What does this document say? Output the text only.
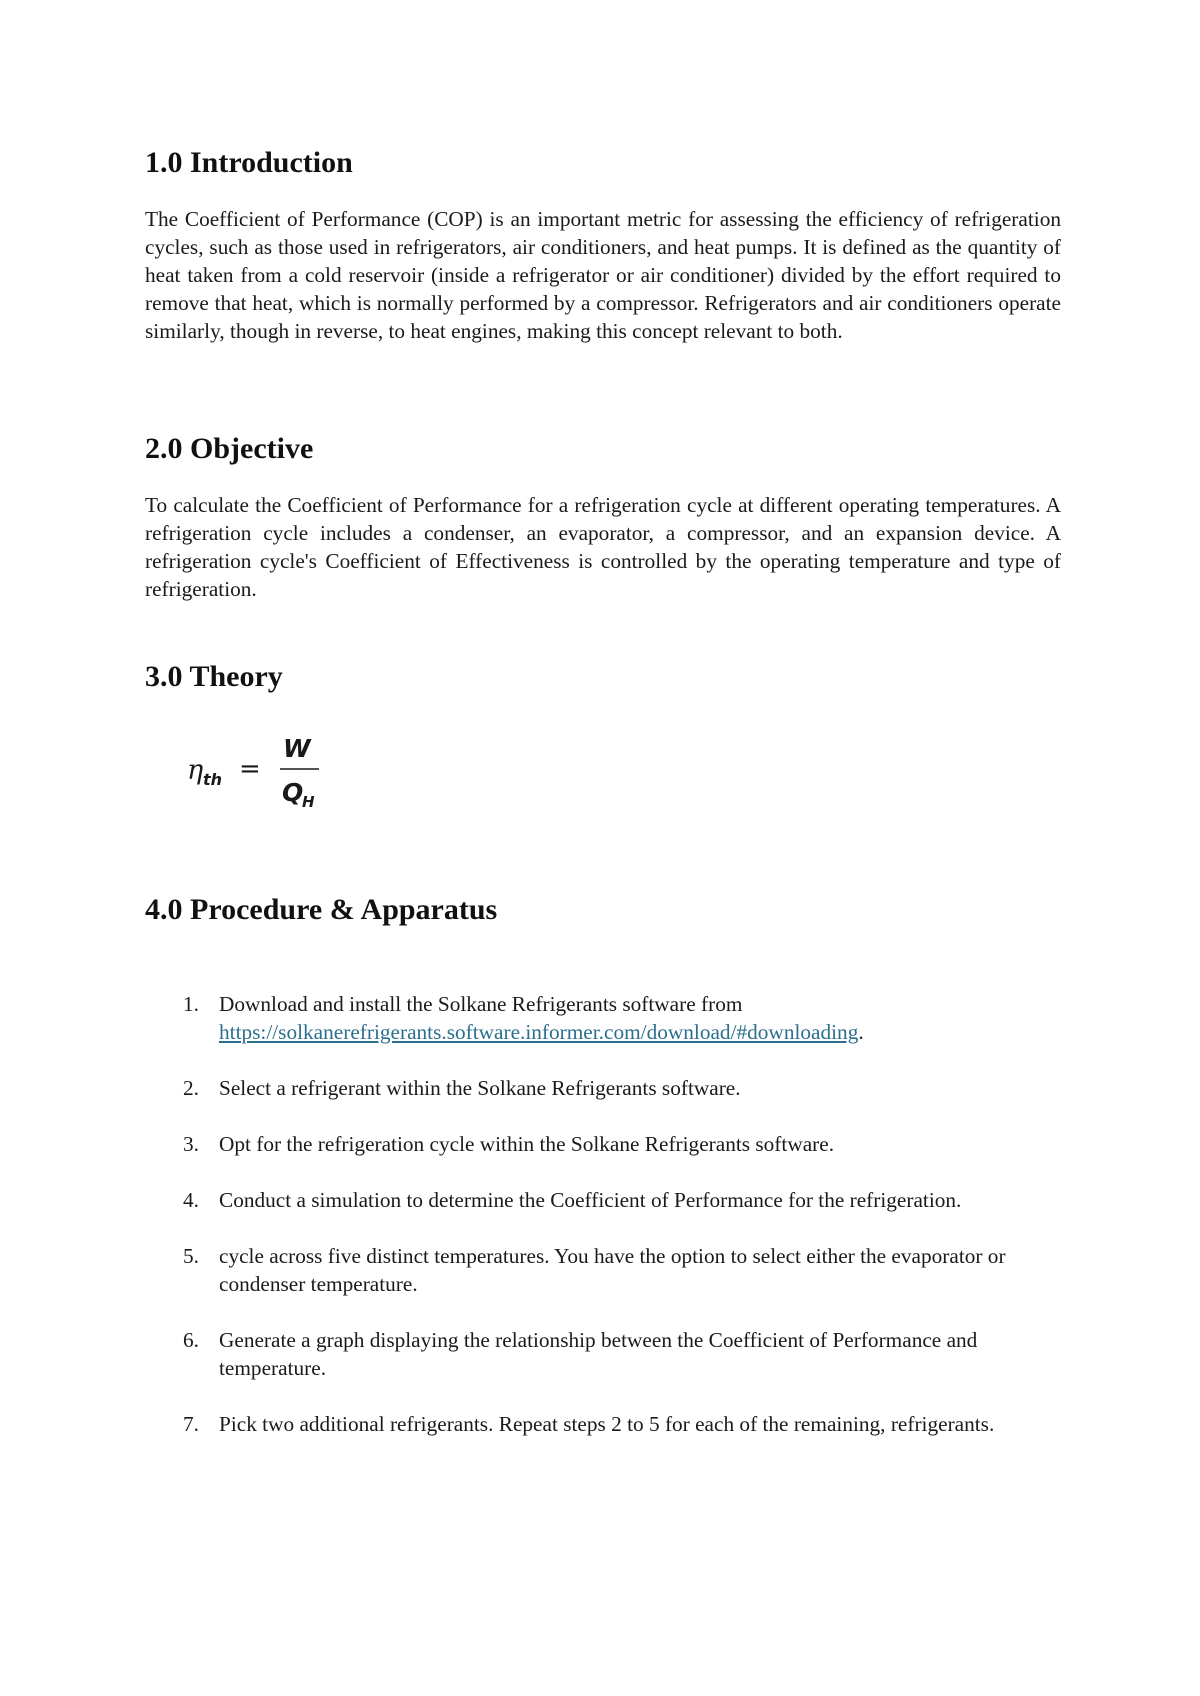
1.0 Introduction

The Coefficient of Performance (COP) is an important metric for assessing the efficiency of refrigeration cycles, such as those used in refrigerators, air conditioners, and heat pumps. It is defined as the quantity of heat taken from a cold reservoir (inside a refrigerator or air conditioner) divided by the effort required to remove that heat, which is normally performed by a compressor. Refrigerators and air conditioners operate similarly, though in reverse, to heat engines, making this concept relevant to both.

2.0 Objective

To calculate the Coefficient of Performance for a refrigeration cycle at different operating temperatures. A refrigeration cycle includes a condenser, an evaporator, a compressor, and an expansion device. A refrigeration cycle's Coefficient of Effectiveness is controlled by the operating temperature and type of refrigeration.

3.0 Theory
η th =
W
Q
H
4.0 Procedure & Apparatus
1. Download and install the Solkane Refrigerants software from
https://solkanerefrigerants.software.informer.com/download/#downloading.
2. Select a refrigerant within the Solkane Refrigerants software.
3. Opt for the refrigeration cycle within the Solkane Refrigerants software.
4. Conduct a simulation to determine the Coefficient of Performance for the refrigeration.
5. cycle across five distinct temperatures. You have the option to select either the evaporator or condenser temperature.
6. Generate a graph displaying the relationship between the Coefficient of Performance and temperature.
7. Pick two additional refrigerants. Repeat steps 2 to 5 for each of the remaining, refrigerants.
